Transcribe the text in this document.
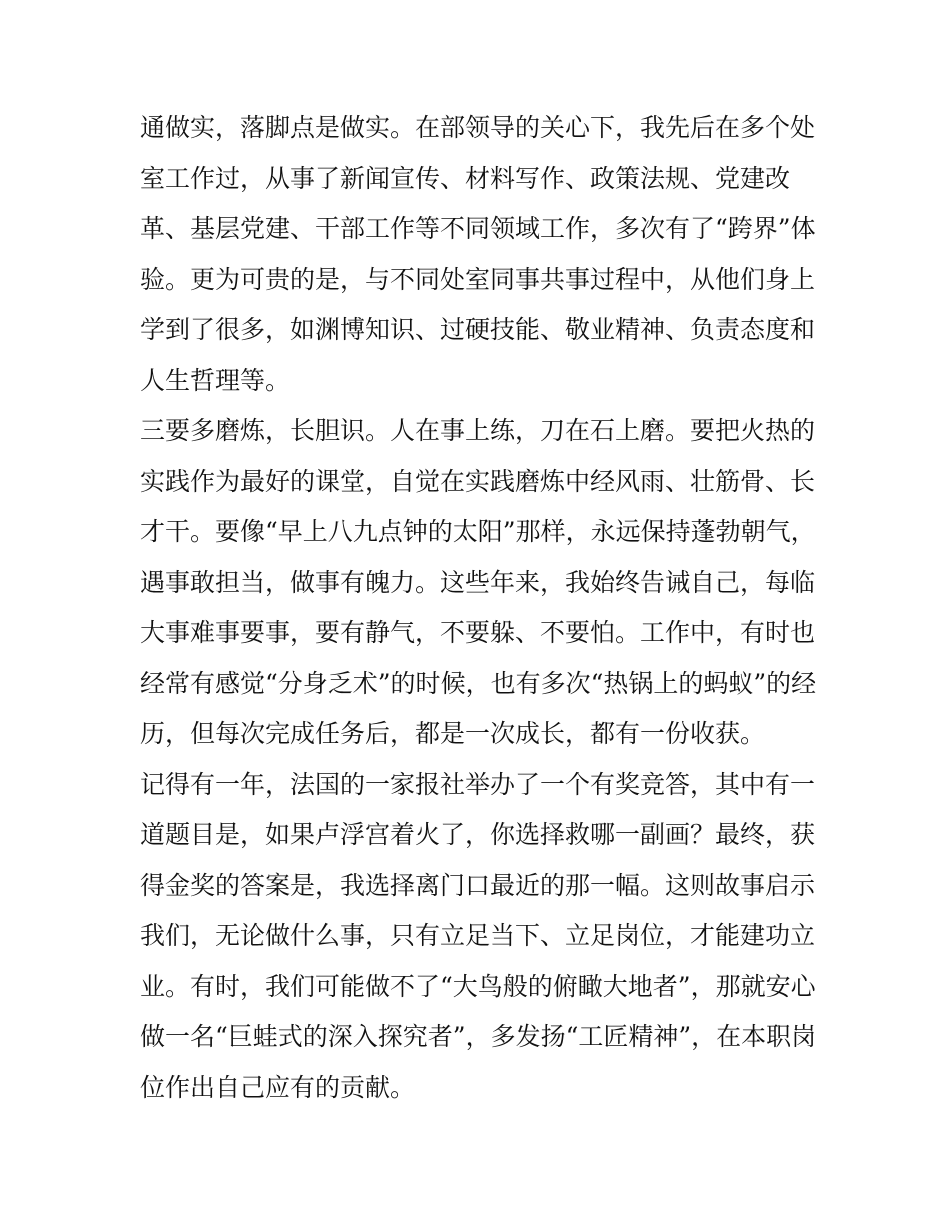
通做实，落脚点是做实。在部领导的关心下，我先后在多个处
室工作过，从事了新闻宣传、材料写作、政策法规、党建改
革、基层党建、干部工作等不同领域工作，多次有了“跨界”体
验。更为可贵的是，与不同处室同事共事过程中，从他们身上
学到了很多，如渊博知识、过硬技能、敬业精神、负责态度和
人生哲理等。
三要多磨炼，长胆识。人在事上练，刀在石上磨。要把火热的
实践作为最好的课堂，自觉在实践磨炼中经风雨、壮筋骨、长
才干。要像“早上八九点钟的太阳”那样，永远保持蓬勃朝气，
遇事敢担当，做事有魄力。这些年来，我始终告诫自己，每临
大事难事要事，要有静气，不要躲、不要怕。工作中，有时也
经常有感觉“分身乏术”的时候，也有多次“热锅上的蚂蚁”的经
历，但每次完成任务后，都是一次成长，都有一份收获。
记得有一年，法国的一家报社举办了一个有奖竞答，其中有一
道题目是，如果卢浮宫着火了，你选择救哪一副画？最终，获
得金奖的答案是，我选择离门口最近的那一幅。这则故事启示
我们，无论做什么事，只有立足当下、立足岗位，才能建功立
业。有时，我们可能做不了“大鸟般的俯瞰大地者”，那就安心
做一名“巨蛙式的深入探究者”，多发扬“工匠精神”，在本职岗
位作出自己应有的贡献。
